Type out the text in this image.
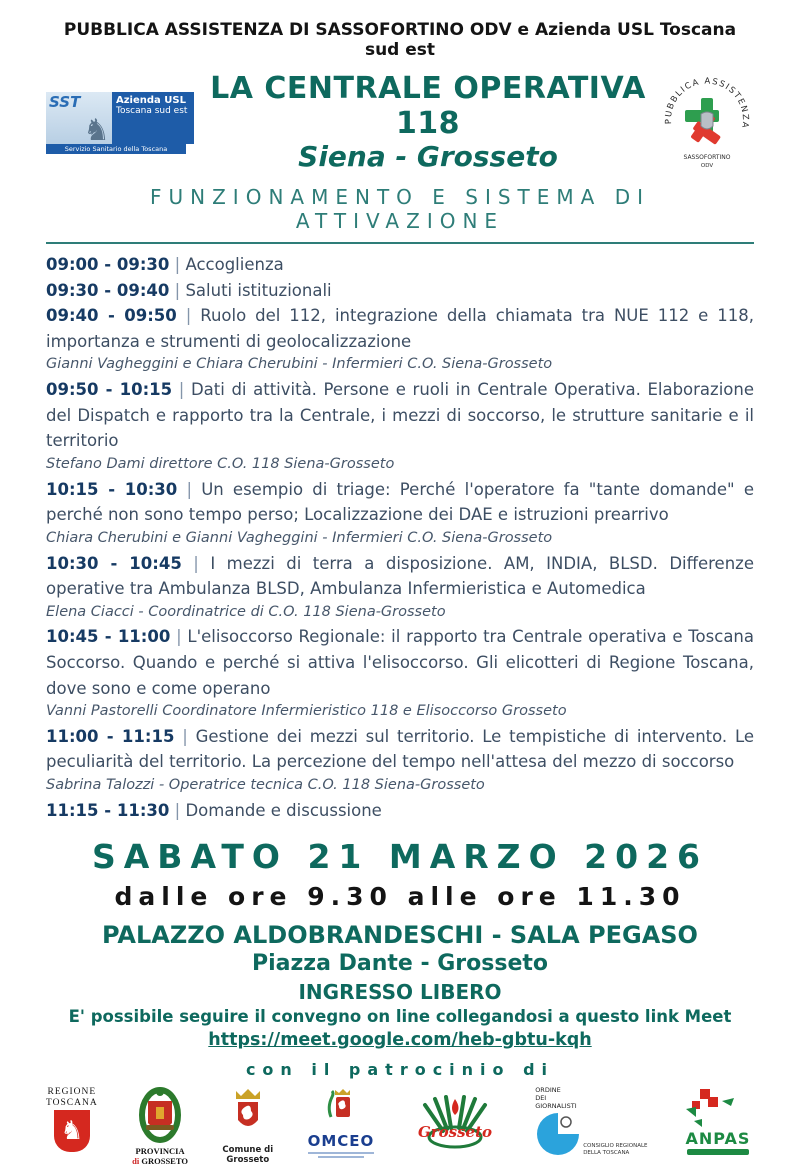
PUBBLICA ASSISTENZA DI SASSOFORTINO ODV e Azienda USL Toscana sud est
SST
♞
Azienda USL
Toscana sud est
Servizio Sanitario della Toscana
LA CENTRALE OPERATIVA 118
Siena - Grosseto
PUBBLICA ASSISTENZA
SASSOFORTINO
ODV
FUNZIONAMENTO E SISTEMA DI ATTIVAZIONE

09:00 - 09:30 | Accoglienza

09:30 - 09:40 | Saluti istituzionali

09:40 - 09:50 | Ruolo del 112, integrazione della chiamata tra NUE 112 e 118, importanza e strumenti di geolocalizzazione

Gianni Vagheggini e Chiara Cherubini - Infermieri C.O. Siena-Grosseto

09:50 - 10:15 | Dati di attività. Persone e ruoli in Centrale Operativa. Elaborazione del Dispatch e rapporto tra la Centrale, i mezzi di soccorso, le strutture sanitarie e il territorio

Stefano Dami direttore C.O. 118 Siena-Grosseto

10:15 - 10:30 | Un esempio di triage: Perché l'operatore fa "tante domande" e perché non sono tempo perso; Localizzazione dei DAE e istruzioni prearrivo

Chiara Cherubini e Gianni Vagheggini - Infermieri C.O. Siena-Grosseto

10:30 - 10:45 | I mezzi di terra a disposizione. AM, INDIA, BLSD. Differenze operative tra Ambulanza BLSD, Ambulanza Infermieristica e Automedica

Elena Ciacci - Coordinatrice di C.O. 118 Siena-Grosseto

10:45 - 11:00 | L'elisoccorso Regionale: il rapporto tra Centrale operativa e Toscana Soccorso. Quando e perché si attiva l'elisoccorso. Gli elicotteri di Regione Toscana, dove sono e come operano

Vanni Pastorelli Coordinatore Infermieristico 118 e Elisoccorso Grosseto

11:00 - 11:15 | Gestione dei mezzi sul territorio. Le tempistiche di intervento. Le peculiarità del territorio. La percezione del tempo nell'attesa del mezzo di soccorso

Sabrina Talozzi - Operatrice tecnica C.O. 118 Siena-Grosseto

11:15 - 11:30 | Domande e discussione

SABATO 21 MARZO 2026
dalle ore 9.30 alle ore 11.30
PALAZZO ALDOBRANDESCHI - SALA PEGASO
Piazza Dante - Grosseto
INGRESSO LIBERO
E' possibile seguire il convegno on line collegandosi a questo link Meet
https://meet.google.com/heb-gbtu-kqh
con il patrocinio di
REGIONE
TOSCANA
♞
PROVINCIA
di GROSSETO
Comune di
Grosseto
OMCEO	Grosseto
ORDINE
DEI
GIORNALISTI
CONSIGLIO REGIONALE
DELLA TOSCANA
ANPAS
